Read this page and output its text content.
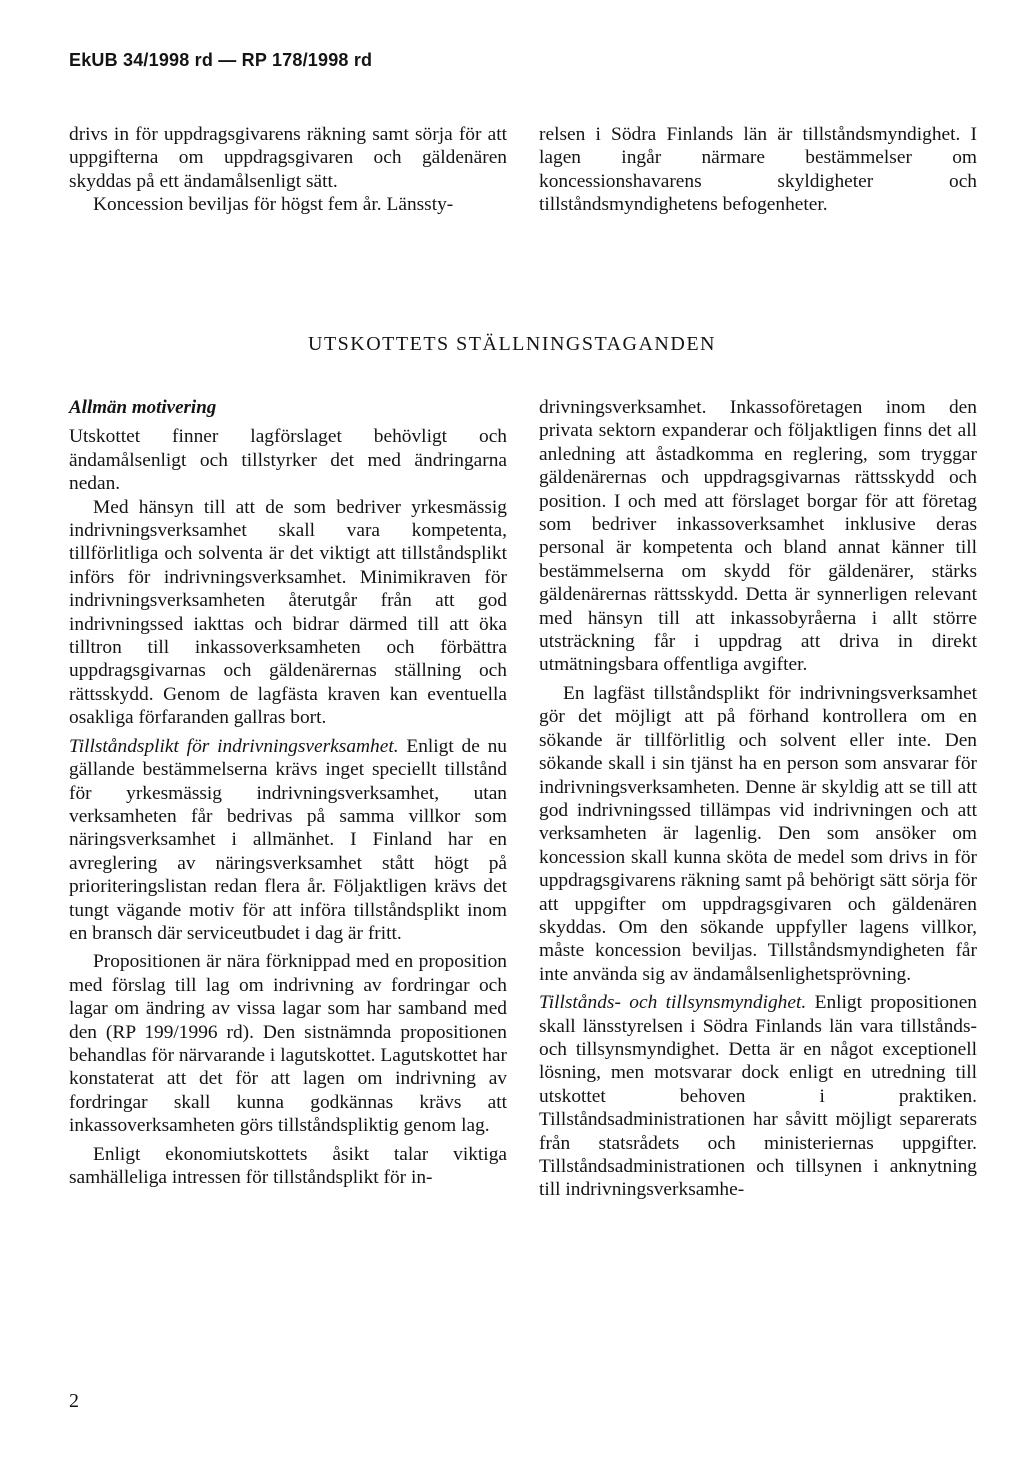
EkUB 34/1998 rd — RP 178/1998 rd

drivs in för uppdragsgivarens räkning samt sörja för att uppgifterna om uppdragsgivaren och gäldenären skyddas på ett ändamålsenligt sätt.

Koncession beviljas för högst fem år. Länssty-

relsen i Södra Finlands län är tillståndsmyndighet. I lagen ingår närmare bestämmelser om koncessionshavarens skyldigheter och tillståndsmyndighetens befogenheter.

UTSKOTTETS STÄLLNINGSTAGANDEN
Allmän motivering

Utskottet finner lagförslaget behövligt och ändamålsenligt och tillstyrker det med ändringarna nedan.

Med hänsyn till att de som bedriver yrkesmässig indrivningsverksamhet skall vara kompetenta, tillförlitliga och solventa är det viktigt att tillståndsplikt införs för indrivningsverksamhet. Minimikraven för indrivningsverksamheten återutgår från att god indrivningssed iakttas och bidrar därmed till att öka tilltron till inkassoverksamheten och förbättra uppdragsgivarnas och gäldenärernas ställning och rättsskydd. Genom de lagfästa kraven kan eventuella osakliga förfaranden gallras bort.

Tillståndsplikt för indrivningsverksamhet. Enligt de nu gällande bestämmelserna krävs inget speciellt tillstånd för yrkesmässig indrivningsverksamhet, utan verksamheten får bedrivas på samma villkor som näringsverksamhet i allmänhet. I Finland har en avreglering av näringsverksamhet stått högt på prioriteringslistan redan flera år. Följaktligen krävs det tungt vägande motiv för att införa tillståndsplikt inom en bransch där serviceutbudet i dag är fritt.

Propositionen är nära förknippad med en proposition med förslag till lag om indrivning av fordringar och lagar om ändring av vissa lagar som har samband med den (RP 199/1996 rd). Den sistnämnda propositionen behandlas för närvarande i lagutskottet. Lagutskottet har konstaterat att det för att lagen om indrivning av fordringar skall kunna godkännas krävs att inkassoverksamheten görs tillståndspliktig genom lag.

Enligt ekonomiutskottets åsikt talar viktiga samhälleliga intressen för tillståndsplikt för in-

drivningsverksamhet. Inkassoföretagen inom den privata sektorn expanderar och följaktligen finns det all anledning att åstadkomma en reglering, som tryggar gäldenärernas och uppdragsgivarnas rättsskydd och position. I och med att förslaget borgar för att företag som bedriver inkassoverksamhet inklusive deras personal är kompetenta och bland annat känner till bestämmelserna om skydd för gäldenärer, stärks gäldenärernas rättsskydd. Detta är synnerligen relevant med hänsyn till att inkassobyråerna i allt större utsträckning får i uppdrag att driva in direkt utmätningsbara offentliga avgifter.

En lagfäst tillståndsplikt för indrivningsverksamhet gör det möjligt att på förhand kontrollera om en sökande är tillförlitlig och solvent eller inte. Den sökande skall i sin tjänst ha en person som ansvarar för indrivningsverksamheten. Denne är skyldig att se till att god indrivningssed tillämpas vid indrivningen och att verksamheten är lagenlig. Den som ansöker om koncession skall kunna sköta de medel som drivs in för uppdragsgivarens räkning samt på behörigt sätt sörja för att uppgifter om uppdragsgivaren och gäldenären skyddas. Om den sökande uppfyller lagens villkor, måste koncession beviljas. Tillståndsmyndigheten får inte använda sig av ändamålsenlighetsprövning.

Tillstånds- och tillsynsmyndighet. Enligt propositionen skall länsstyrelsen i Södra Finlands län vara tillstånds- och tillsynsmyndighet. Detta är en något exceptionell lösning, men motsvarar dock enligt en utredning till utskottet behoven i praktiken. Tillståndsadministrationen har såvitt möjligt separerats från statsrådets och ministeriernas uppgifter. Tillståndsadministrationen och tillsynen i anknytning till indrivningsverksamhe-

2
